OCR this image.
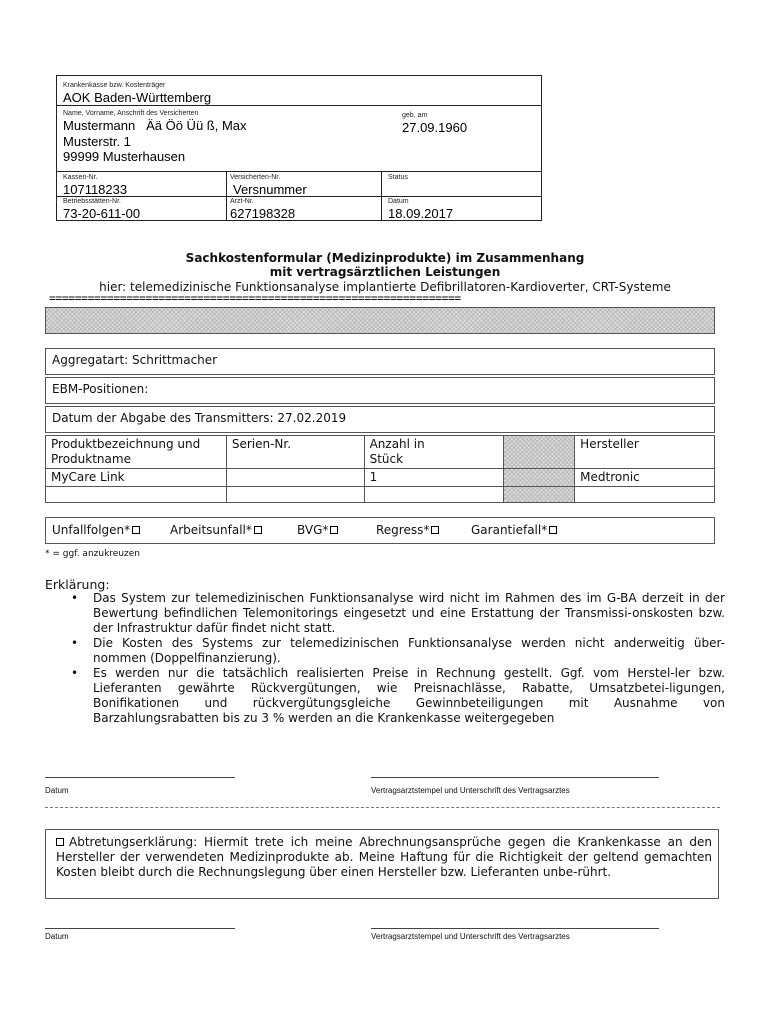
Krankenkasse bzw. Kostenträger
AOK Baden-Württemberg
Name, Vorname, Anschrift des Versicherten
Mustermann   Ää Öö Üü ß, Max
Musterstr. 1
99999 Musterhausen
geb. am
27.09.1960
Kassen-Nr.
107118233
Versicherten-Nr.
Versnummer
Status
Betriebsstätten-Nr.
73-20-611-00
Arzt-Nr.
627198328
Datum
18.09.2017
Sachkostenformular (Medizinprodukte) im Zusammenhang
mit vertragsärztlichen Leistungen
hier: telemedizinische Funktionsanalyse implantierte Defibrillatoren-Kardioverter, CRT-Systeme
================================================================
Aggregatart: Schrittmacher
EBM-Positionen:
Datum der Abgabe des Transmitters: 27.02.2019
Produktbezeichnung und Produktname	Serien-Nr.	Anzahl in Stück		Hersteller
MyCare Link		1		Medtronic

Unfallfolgen*	Arbeitsunfall*	BVG*	Regress*	Garantiefall*
* = ggf. anzukreuzen
Erklärung:
• Das System zur telemedizinischen Funktionsanalyse wird nicht im Rahmen des im G-BA derzeit in der Bewertung befindlichen Telemonitorings eingesetzt und eine Erstattung der Transmissi-onskosten bzw. der Infrastruktur dafür findet nicht statt.
• Die Kosten des Systems zur telemedizinischen Funktionsanalyse werden nicht anderweitig über-nommen (Doppelfinanzierung).
• Es werden nur die tatsächlich realisierten Preise in Rechnung gestellt. Ggf. vom Herstel-ler bzw. Lieferanten gewährte Rückvergütungen, wie Preisnachlässe, Rabatte, Umsatzbetei-ligungen, Bonifikationen und rückvergütungsgleiche Gewinnbeteiligungen mit Ausnahme von Barzahlungsrabatten bis zu 3 % werden an die Krankenkasse weitergegeben
Datum	Vertragsarztstempel und Unterschrift des Vertragsarztes
Abtretungserklärung: Hiermit trete ich meine Abrechnungsansprüche gegen die Krankenkasse an den Hersteller der verwendeten Medizinprodukte ab. Meine Haftung für die Richtigkeit der geltend gemachten Kosten bleibt durch die Rechnungslegung über einen Hersteller bzw. Lieferanten unbe-rührt.
Datum	Vertragsarztstempel und Unterschrift des Vertragsarztes
